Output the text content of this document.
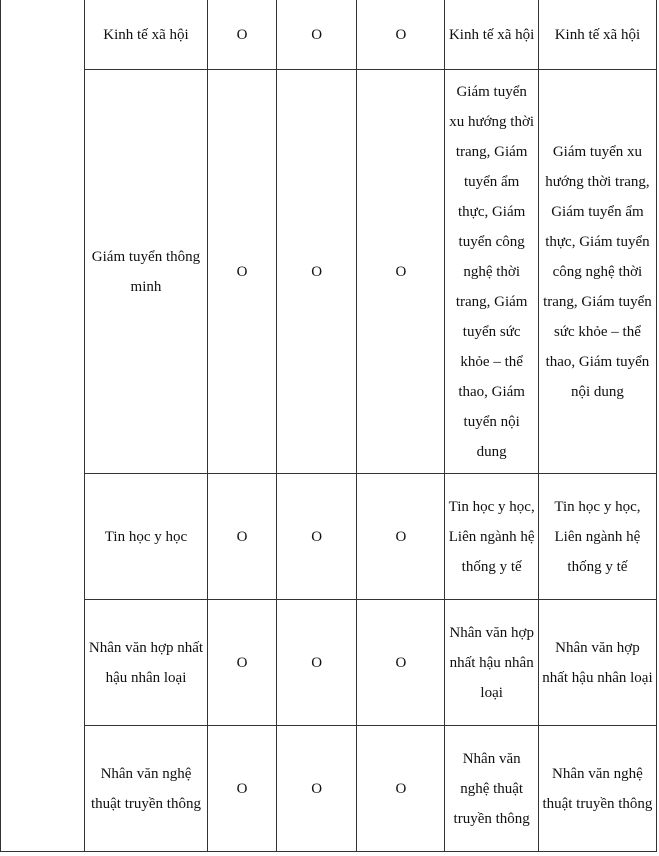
	Kinh tế xã hội	O	O	O	Kinh tế xã hội	Kinh tế xã hội
	Giám tuyển thông minh	O	O	O	Giám tuyển xu hướng thời trang, Giám tuyển ẩm thực, Giám tuyển công nghệ thời trang, Giám tuyển sức khỏe – thể thao, Giám tuyển nội dung	Giám tuyển xu hướng thời trang, Giám tuyển ẩm thực, Giám tuyển công nghệ thời trang, Giám tuyển sức khỏe – thể thao, Giám tuyển nội dung
	Tin học y học	O	O	O	Tin học y học, Liên ngành hệ thống y tế	Tin học y học, Liên ngành hệ thống y tế
	Nhân văn hợp nhất hậu nhân loại	O	O	O	Nhân văn hợp nhất hậu nhân loại	Nhân văn hợp nhất hậu nhân loại
	Nhân văn nghệ thuật truyền thông	O	O	O	Nhân văn nghệ thuật truyền thông	Nhân văn nghệ thuật truyền thông
